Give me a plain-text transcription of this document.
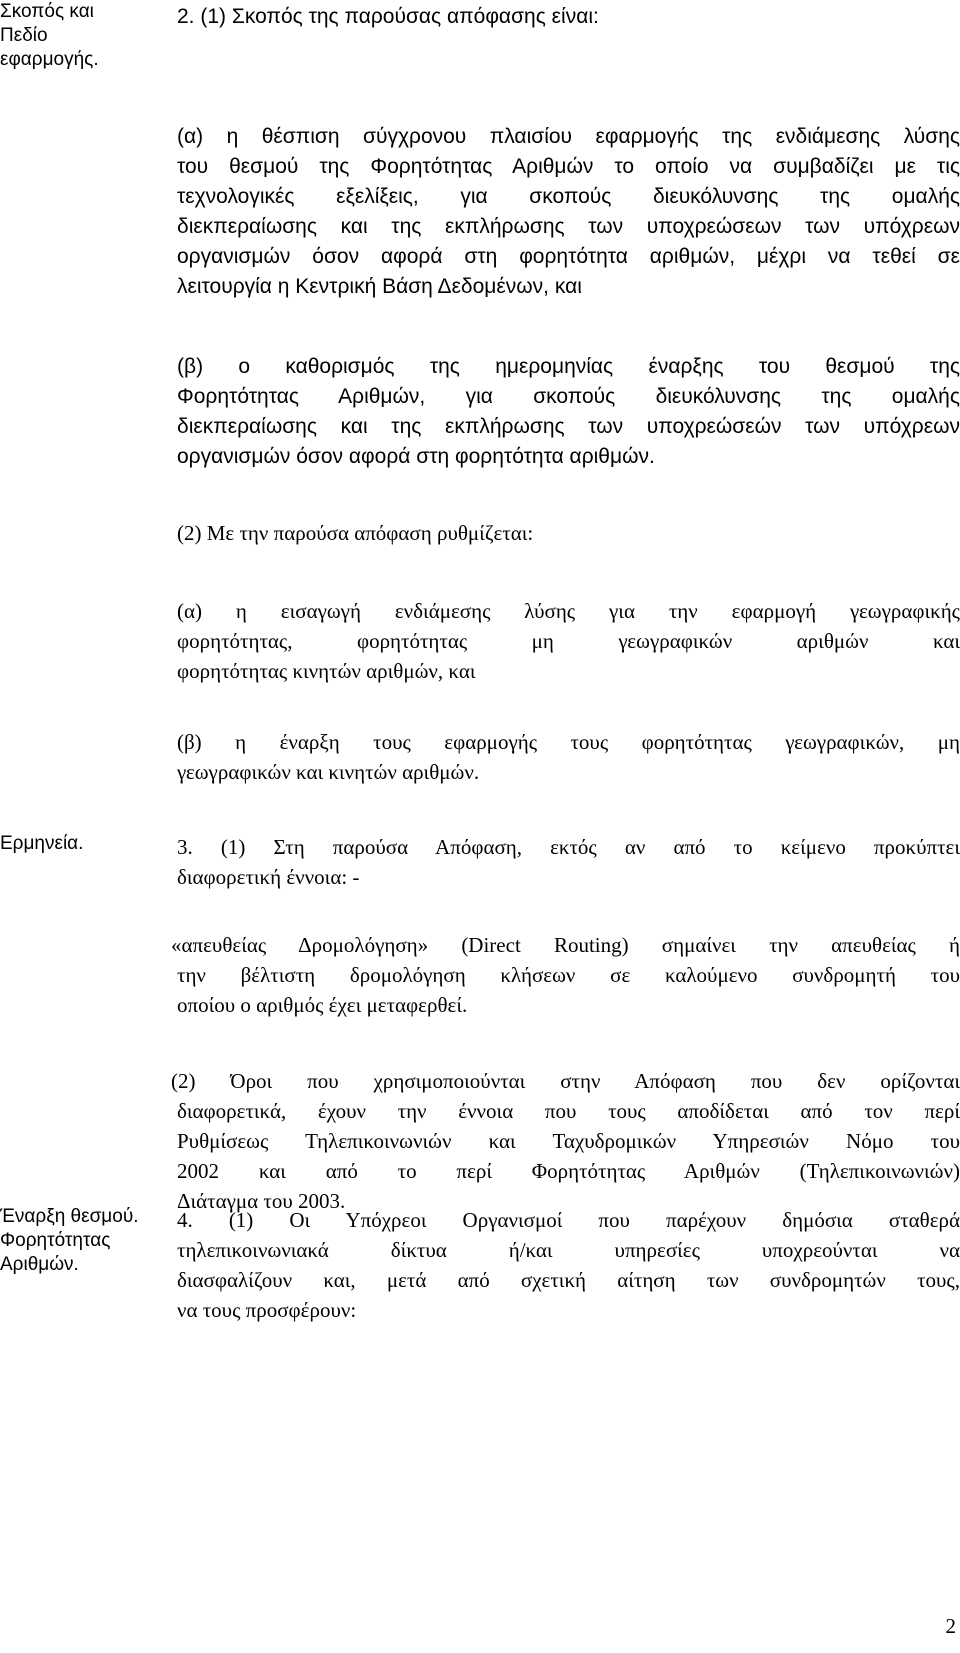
Σκοπός και
Πεδίο
εφαρμογής.
Ερμηνεία.
Έναρξη θεσμού.
Φορητότητας
Αριθμών.
2. (1) Σκοπός της παρούσας απόφασης είναι:
(α) η θέσπιση σύγχρονου πλαισίου εφαρμογής της ενδιάμεσης λύσης
του θεσμού της Φορητότητας Αριθμών το οποίο να συμβαδίζει με τις
τεχνολογικές εξελίξεις, για σκοπούς διευκόλυνσης της ομαλής
διεκπεραίωσης και της εκπλήρωσης των υποχρεώσεων των υπόχρεων
οργανισμών όσον αφορά στη φορητότητα αριθμών, μέχρι να τεθεί σε
λειτουργία η Κεντρική Βάση Δεδομένων, και
(β) ο καθορισμός της ημερομηνίας έναρξης του θεσμού της
Φορητότητας Αριθμών, για σκοπούς διευκόλυνσης της ομαλής
διεκπεραίωσης και της εκπλήρωσης των υποχρεώσεών των υπόχρεων
οργανισμών όσον αφορά στη φορητότητα αριθμών.
(2) Με την παρούσα απόφαση ρυθμίζεται:
(α) η εισαγωγή ενδιάμεσης λύσης για την εφαρμογή γεωγραφικής
φορητότητας, φορητότητας μη γεωγραφικών αριθμών και
φορητότητας κινητών αριθμών, και
(β) η έναρξη τους εφαρμογής τους φορητότητας γεωγραφικών, μη
γεωγραφικών και κινητών αριθμών.
3. (1) Στη παρούσα Απόφαση, εκτός αν από το κείμενο προκύπτει
διαφορετική έννοια: -
«απευθείας Δρομολόγηση» (Direct Routing) σημαίνει την απευθείας ή
την βέλτιστη δρομολόγηση κλήσεων σε καλούμενο συνδρομητή του
οποίου ο αριθμός έχει μεταφερθεί.
(2) Όροι που χρησιμοποιούνται στην Απόφαση που δεν ορίζονται
διαφορετικά, έχουν την έννοια που τους αποδίδεται από τον περί
Ρυθμίσεως Τηλεπικοινωνιών και Ταχυδρομικών Υπηρεσιών Νόμο του
2002 και από το περί Φορητότητας Αριθμών (Τηλεπικοινωνιών)
Διάταγμα του 2003.
4. (1) Οι Υπόχρεοι Οργανισμοί που παρέχουν δημόσια σταθερά
τηλεπικοινωνιακά δίκτυα ή/και υπηρεσίες υποχρεούνται να
διασφαλίζουν και, μετά από σχετική αίτηση των συνδρομητών τους,
να τους προσφέρουν:
2
